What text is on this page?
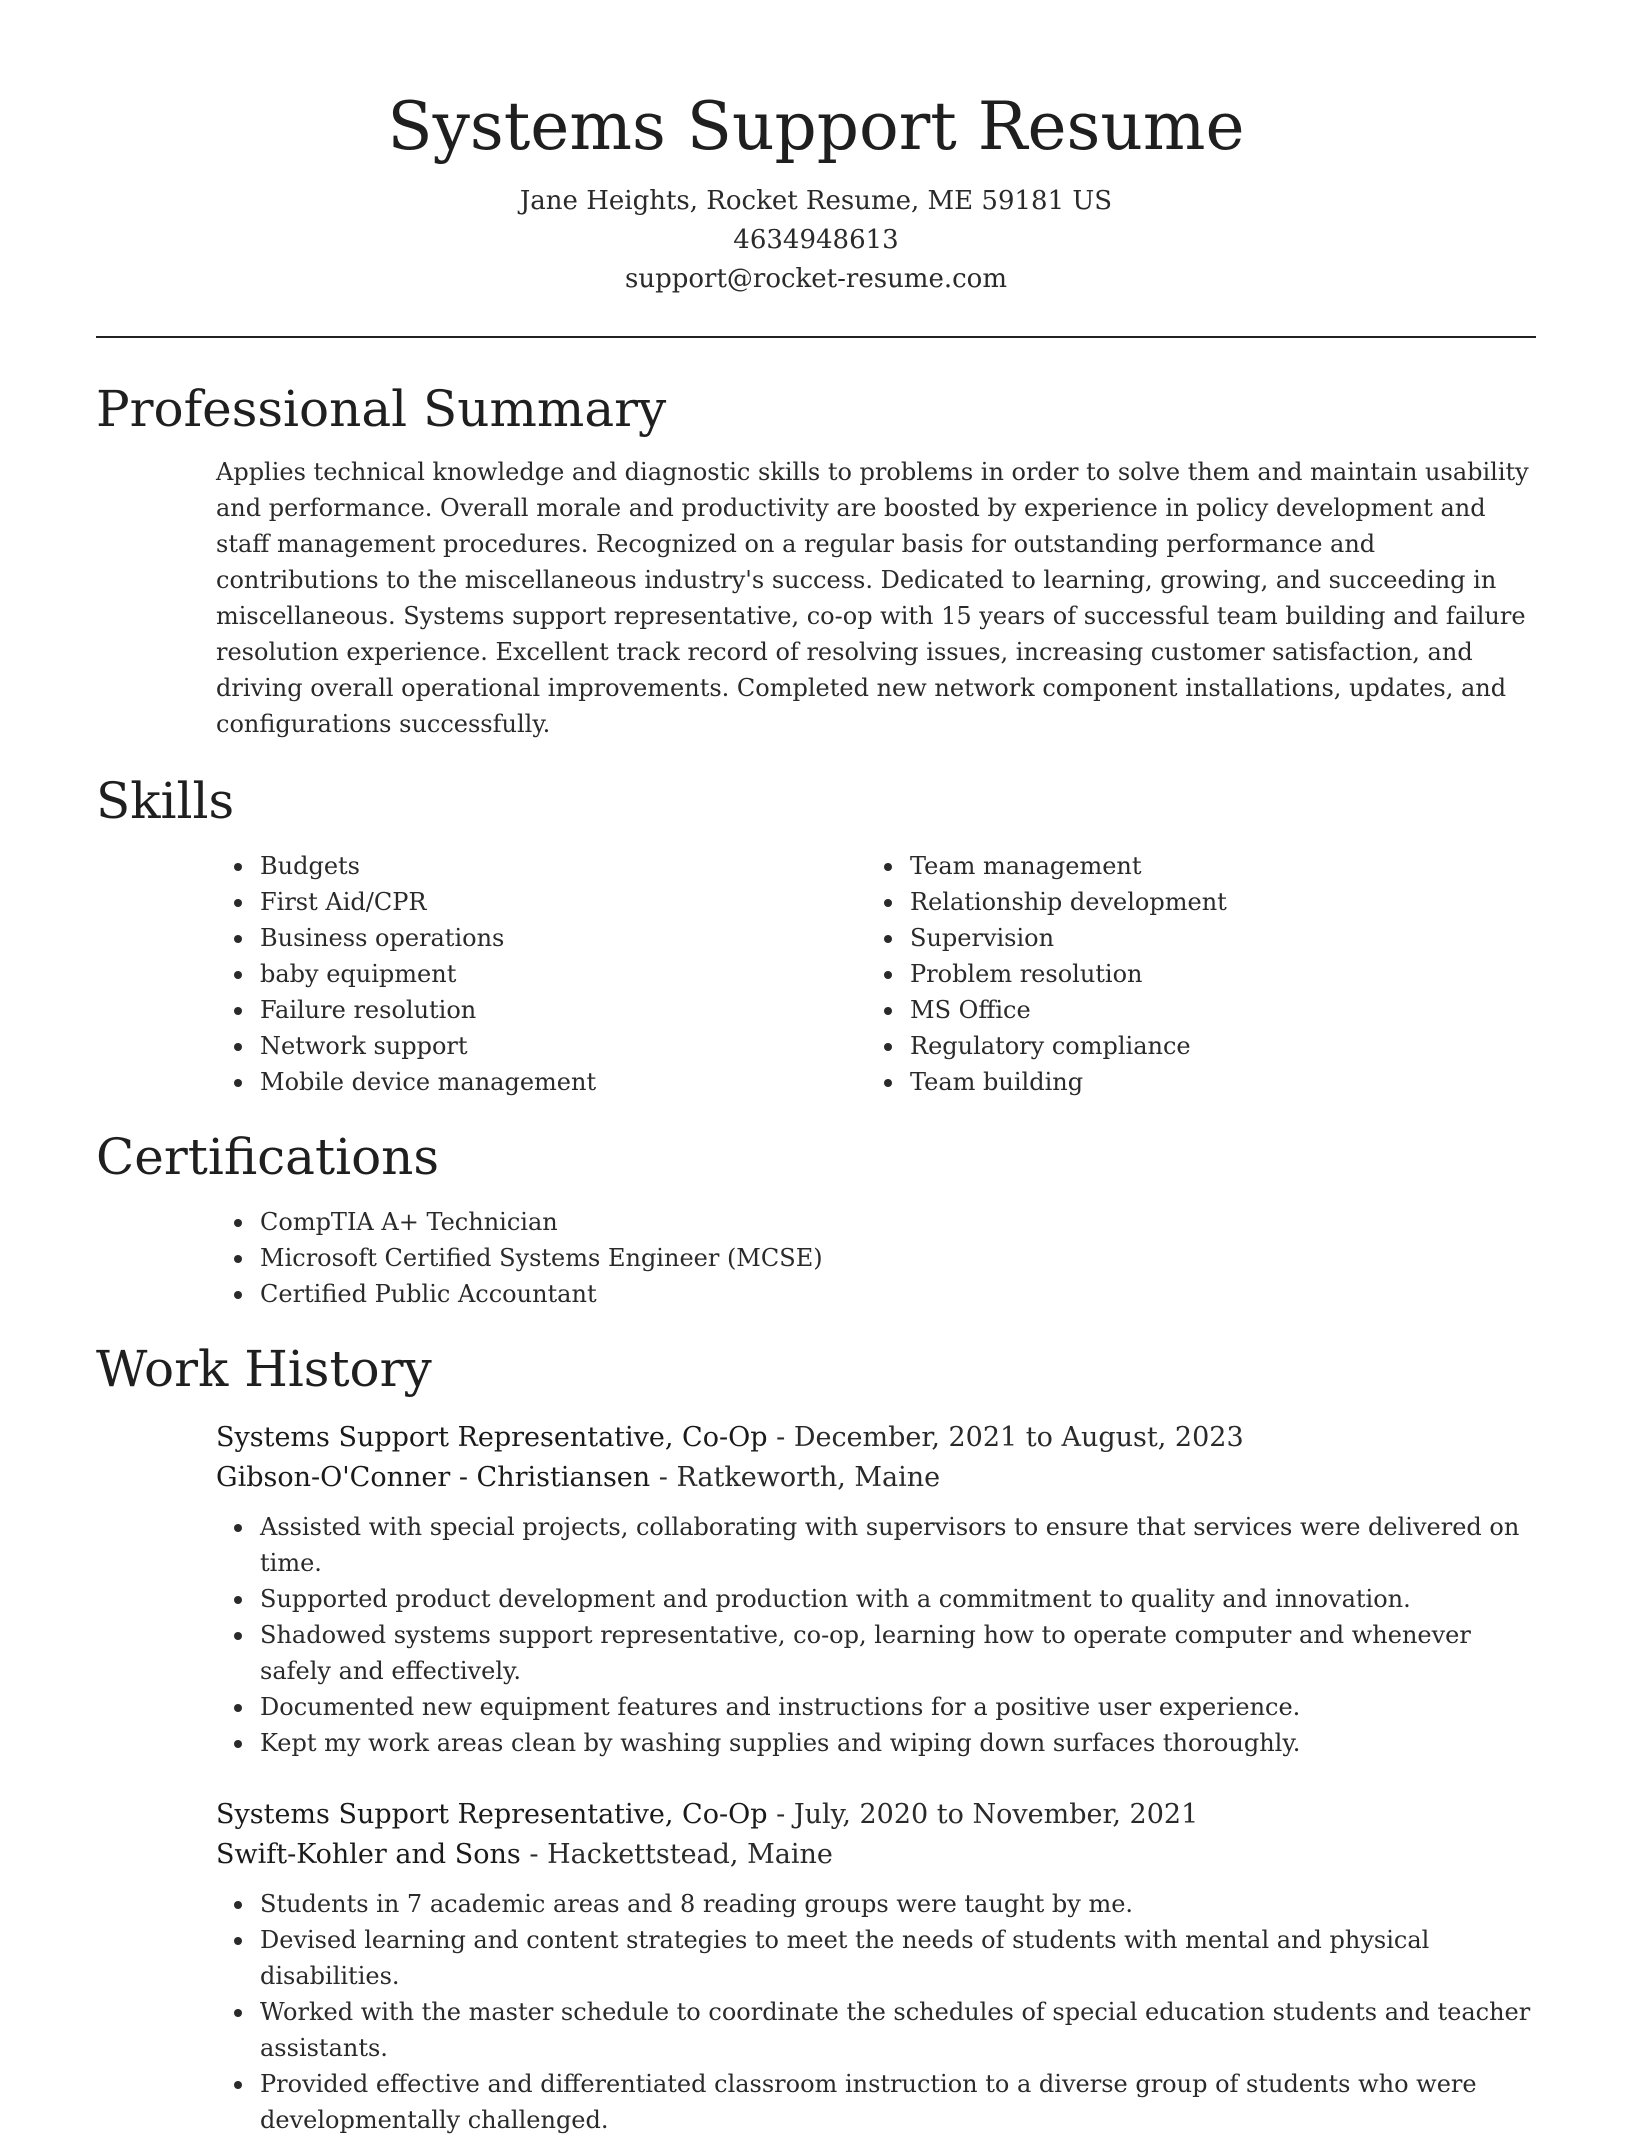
Systems Support Resume
Jane Heights, Rocket Resume, ME 59181 US
4634948613
support@rocket-resume.com
Professional Summary

Applies technical knowledge and diagnostic skills to problems in order to solve them and maintain usability and performance. Overall morale and productivity are boosted by experience in policy development and staff management procedures. Recognized on a regular basis for outstanding performance and contributions to the miscellaneous industry's success. Dedicated to learning, growing, and succeeding in miscellaneous. Systems support representative, co-op with 15 years of successful team building and failure resolution experience. Excellent track record of resolving issues, increasing customer satisfaction, and driving overall operational improvements. Completed new network component installations, updates, and configurations successfully.

Skills
Budgets
First Aid/CPR
Business operations
baby equipment
Failure resolution
Network support
Mobile device management
Team management
Relationship development
Supervision
Problem resolution
MS Office
Regulatory compliance
Team building
Certifications
CompTIA A+ Technician
Microsoft Certified Systems Engineer (MCSE)
Certified Public Accountant
Work History
Systems Support Representative, Co-Op - December, 2021 to August, 2023
Gibson-O'Conner - Christiansen - Ratkeworth, Maine
Assisted with special projects, collaborating with supervisors to ensure that services were delivered on time.
Supported product development and production with a commitment to quality and innovation.
Shadowed systems support representative, co-op, learning how to operate computer and whenever safely and effectively.
Documented new equipment features and instructions for a positive user experience.
Kept my work areas clean by washing supplies and wiping down surfaces thoroughly.
Systems Support Representative, Co-Op - July, 2020 to November, 2021
Swift-Kohler and Sons - Hackettstead, Maine
Students in 7 academic areas and 8 reading groups were taught by me.
Devised learning and content strategies to meet the needs of students with mental and physical disabilities.
Worked with the master schedule to coordinate the schedules of special education students and teacher assistants.
Provided effective and differentiated classroom instruction to a diverse group of students who were developmentally challenged.
